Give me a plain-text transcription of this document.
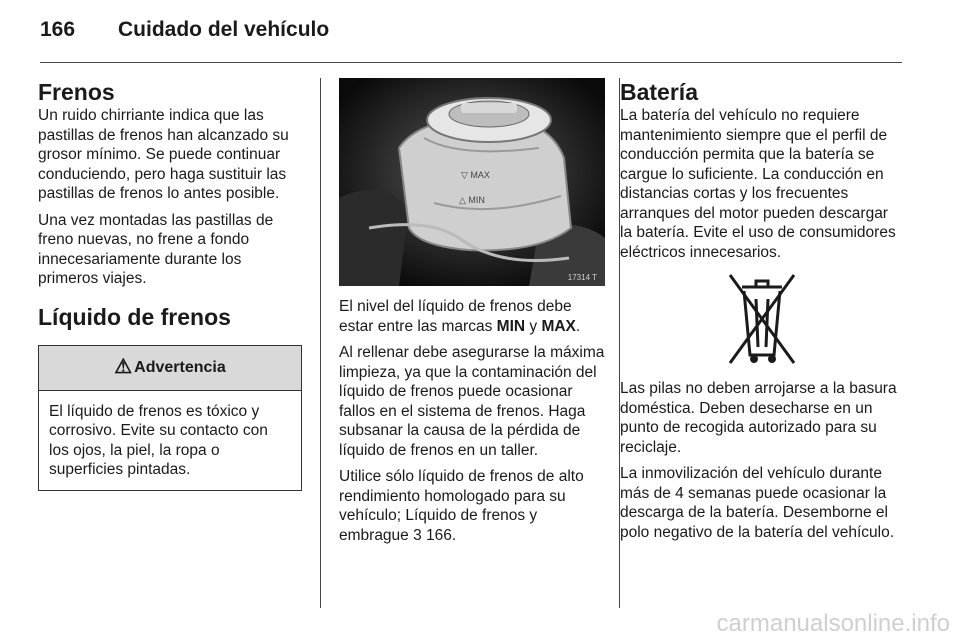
166 Cuidado del vehículo
Frenos

Un ruido chirriante indica que las pastillas de frenos han alcanzado su grosor mínimo. Se puede continuar conduciendo, pero haga sustituir las pastillas de frenos lo antes posible.

Una vez montadas las pastillas de freno nuevas, no frene a fondo innecesariamente durante los primeros viajes.

Líquido de frenos
⚠ Advertencia
El líquido de frenos es tóxico y corrosivo. Evite su contacto con los ojos, la piel, la ropa o superficies pintadas.
▽ MAX
△ MIN
17314 T

El nivel del líquido de frenos debe estar entre las marcas MIN y MAX.

Al rellenar debe asegurarse la máxima limpieza, ya que la contaminación del líquido de frenos puede ocasionar fallos en el sistema de frenos. Haga subsanar la causa de la pérdida de líquido de frenos en un taller.

Utilice sólo líquido de frenos de alto rendimiento homologado para su vehículo; Líquido de frenos y embrague 3 166.

Batería

La batería del vehículo no requiere mantenimiento siempre que el perfil de conducción permita que la batería se cargue lo suficiente. La conducción en distancias cortas y los frecuentes arranques del motor pueden descargar la batería. Evite el uso de consumidores eléctricos innecesarios.

Las pilas no deben arrojarse a la basura doméstica. Deben desecharse en un punto de recogida autorizado para su reciclaje.

La inmovilización del vehículo durante más de 4 semanas puede ocasionar la descarga de la batería. Desemborne el polo negativo de la batería del vehículo.

carmanualsonline.info
